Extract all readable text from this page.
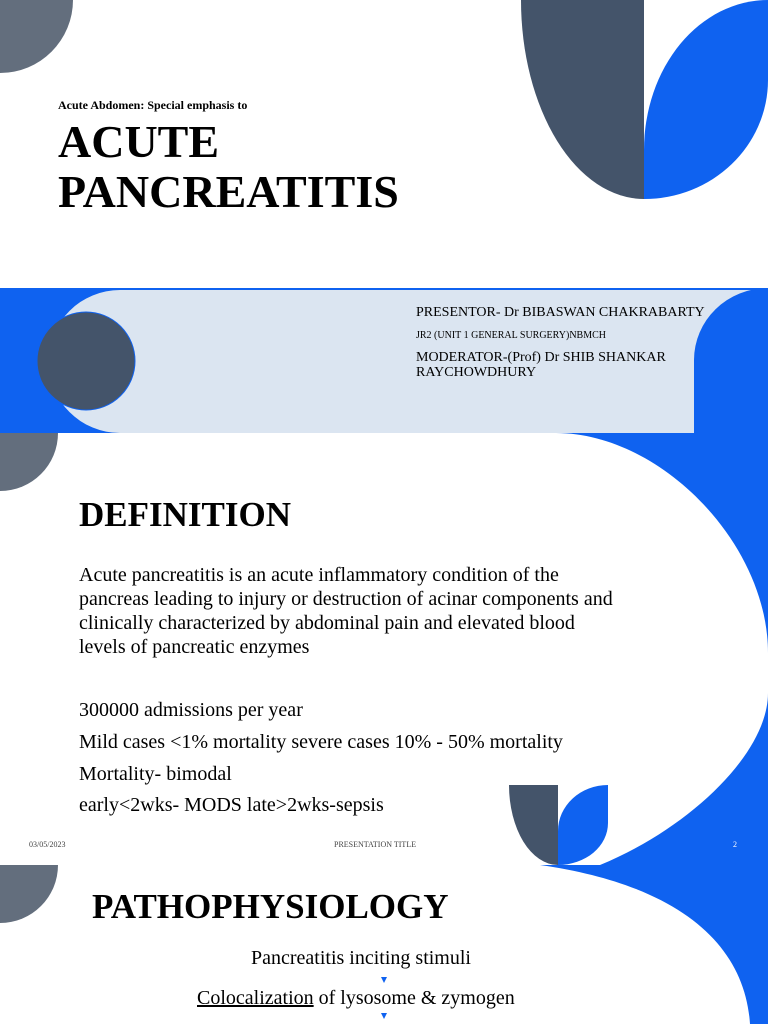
Acute Abdomen: Special emphasis to
ACUTE
PANCREATITIS
PRESENTOR- Dr BIBASWAN CHAKRABARTY
JR2 (UNIT 1 GENERAL SURGERY)NBMCH
MODERATOR-(Prof) Dr SHIB SHANKAR
RAYCHOWDHURY
DEFINITION
Acute pancreatitis is an acute inflammatory condition of the
pancreas leading to injury or destruction of acinar components and
clinically characterized by abdominal pain and elevated blood
levels of pancreatic enzymes
300000 admissions per year
Mild cases <1% mortality severe cases 10% - 50% mortality
Mortality- bimodal
early<2wks- MODS late>2wks-sepsis
03/05/2023	PRESENTATION TITLE	2
PATHOPHYSIOLOGY
Pancreatitis inciting stimuli
Colocalization of lysosome & zymogen
